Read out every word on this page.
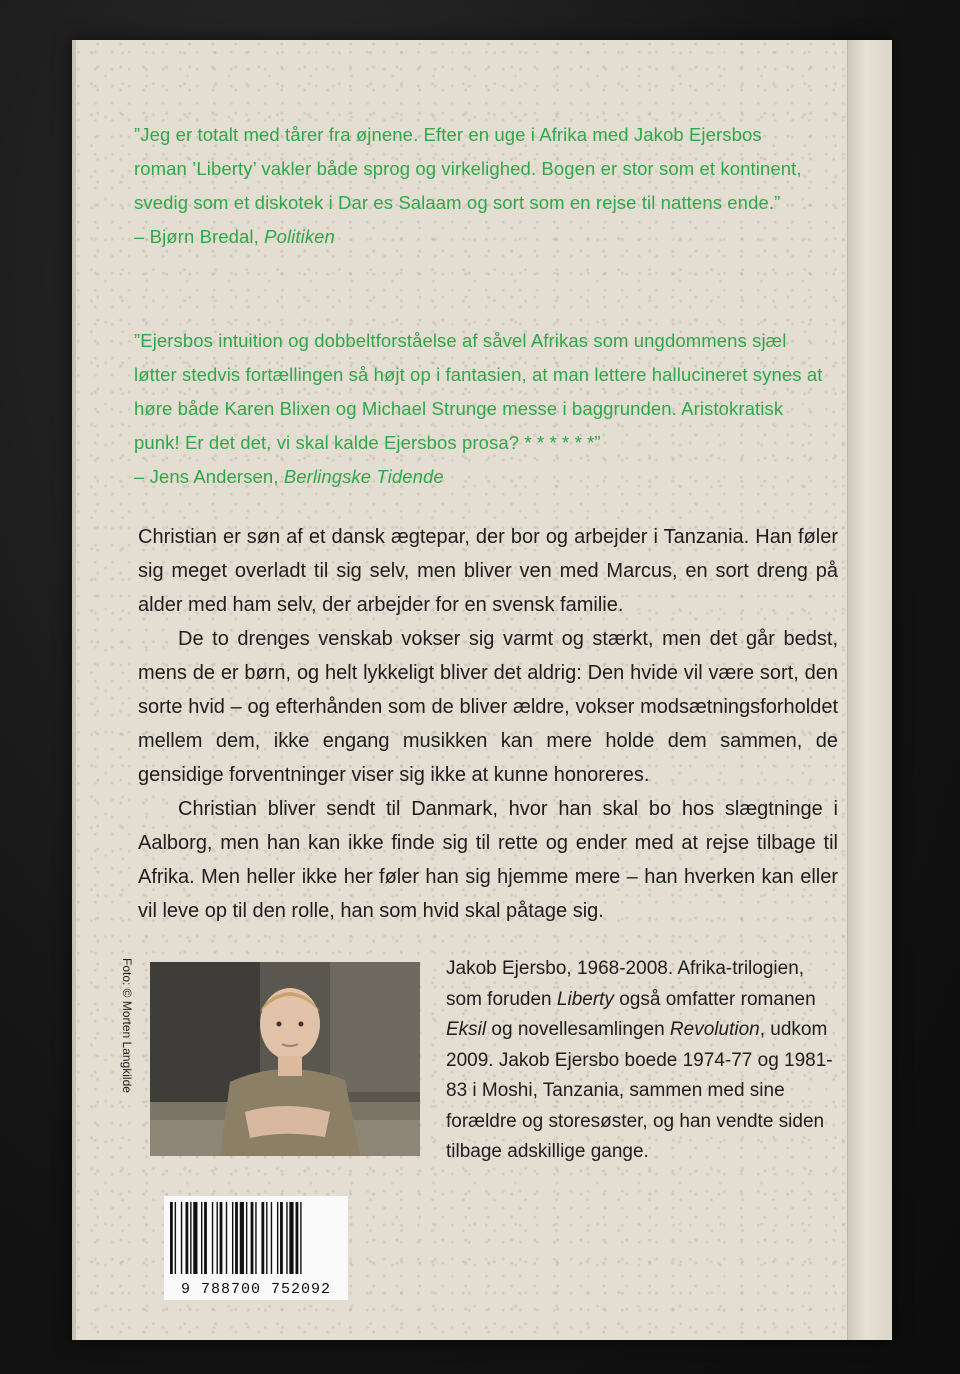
”Jeg er totalt med tårer fra øjnene. Efter en uge i Afrika med Jakob Ejersbos roman ’Liberty’ vakler både sprog og virkelighed. Bogen er stor som et kontinent, svedig som et diskotek i Dar es Salaam og sort som en rejse til nattens ende.”

– Bjørn Bredal, Politiken

”Ejersbos intuition og dobbeltforståelse af såvel Afrikas som ungdommens sjæl løtter stedvis fortællingen så højt op i fantasien, at man lettere hallucineret synes at høre både Karen Blixen og Michael Strunge messe i baggrunden. Aristokratisk punk! Er det det, vi skal kalde Ejersbos prosa? * * * * * *”

– Jens Andersen, Berlingske Tidende

Christian er søn af et dansk ægtepar, der bor og arbejder i Tanzania. Han føler sig meget overladt til sig selv, men bliver ven med Marcus, en sort dreng på alder med ham selv, der arbejder for en svensk familie.

De to drenges venskab vokser sig varmt og stærkt, men det går bedst, mens de er børn, og helt lykkeligt bliver det aldrig: Den hvide vil være sort, den sorte hvid – og efterhånden som de bliver ældre, vokser modsætningsforholdet mellem dem, ikke engang musikken kan mere holde dem sammen, de gensidige forventninger viser sig ikke at kunne honoreres.

Christian bliver sendt til Danmark, hvor han skal bo hos slægtninge i Aalborg, men han kan ikke finde sig til rette og ender med at rejse tilbage til Afrika. Men heller ikke her føler han sig hjemme mere – han hverken kan eller vil leve op til den rolle, han som hvid skal påtage sig.

Foto: © Morten Langkilde	Jakob Ejersbo, 1968-2008. Afrika-trilogien, som foruden Liberty også omfatter romanen Eksil og novellesamlingen Revolution, udkom 2009. Jakob Ejersbo boede 1974-77 og 1981-83 i Moshi, Tanzania, sammen med sine forældre og storesøster, og han vendte siden tilbage adskillige gange.

9 788700 752092
